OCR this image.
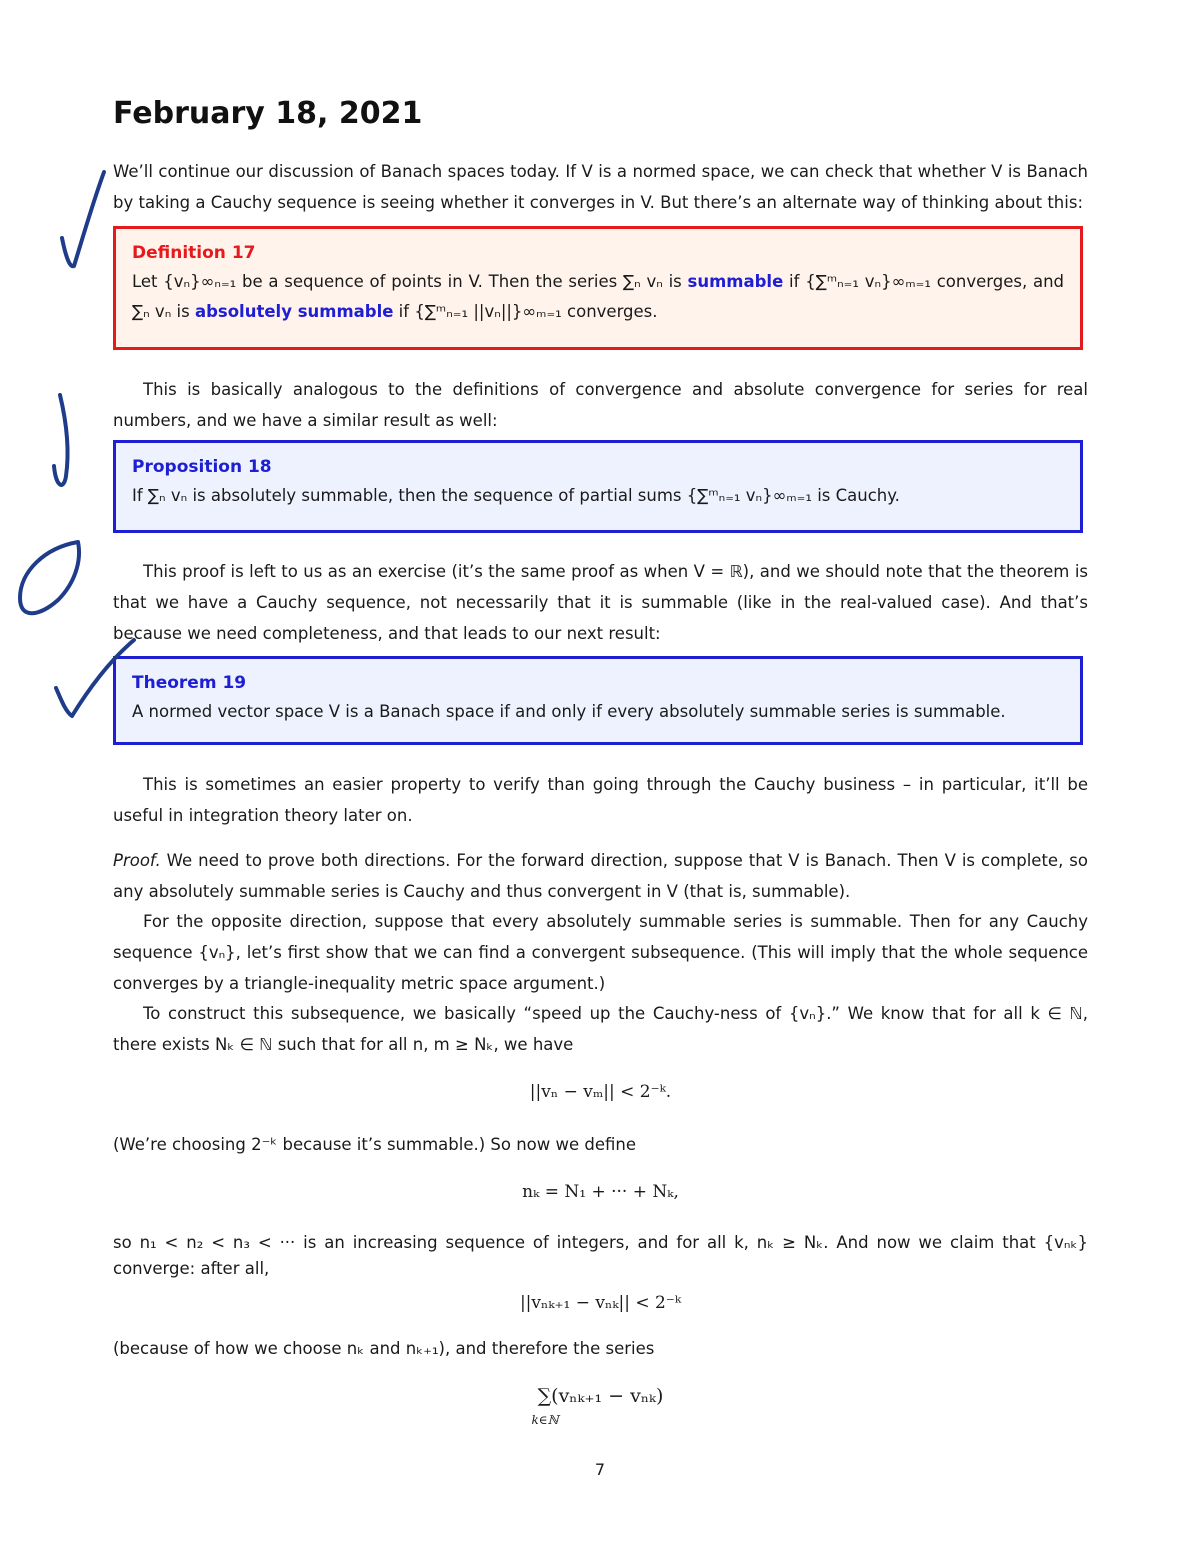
February 18, 2021

We’ll continue our discussion of Banach spaces today. If V is a normed space, we can check that whether V is Banach by taking a Cauchy sequence is seeing whether it converges in V. But there’s an alternate way of thinking about this:

Definition 17
Let {vₙ}∞ₙ₌₁ be a sequence of points in V. Then the series ∑ₙ vₙ is summable if {∑ᵐₙ₌₁ vₙ}∞ₘ₌₁ converges, and ∑ₙ vₙ is absolutely summable if {∑ᵐₙ₌₁ ||vₙ||}∞ₘ₌₁ converges.

This is basically analogous to the definitions of convergence and absolute convergence for series for real numbers, and we have a similar result as well:

Proposition 18
If ∑ₙ vₙ is absolutely summable, then the sequence of partial sums {∑ᵐₙ₌₁ vₙ}∞ₘ₌₁ is Cauchy.

This proof is left to us as an exercise (it’s the same proof as when V = ℝ), and we should note that the theorem is that we have a Cauchy sequence, not necessarily that it is summable (like in the real-valued case). And that’s because we need completeness, and that leads to our next result:

Theorem 19
A normed vector space V is a Banach space if and only if every absolutely summable series is summable.

This is sometimes an easier property to verify than going through the Cauchy business – in particular, it’ll be useful in integration theory later on.

Proof. We need to prove both directions. For the forward direction, suppose that V is Banach. Then V is complete, so any absolutely summable series is Cauchy and thus convergent in V (that is, summable).

For the opposite direction, suppose that every absolutely summable series is summable. Then for any Cauchy sequence {vₙ}, let’s first show that we can find a convergent subsequence. (This will imply that the whole sequence converges by a triangle-inequality metric space argument.)

To construct this subsequence, we basically “speed up the Cauchy-ness of {vₙ}.” We know that for all k ∈ ℕ, there exists Nₖ ∈ ℕ such that for all n, m ≥ Nₖ, we have

||vₙ − vₘ|| < 2⁻ᵏ.

(We’re choosing 2⁻ᵏ because it’s summable.) So now we define

nₖ = N₁ + ··· + Nₖ,

so n₁ < n₂ < n₃ < ··· is an increasing sequence of integers, and for all k, nₖ ≥ Nₖ. And now we claim that {vₙₖ} converge: after all,

||vₙₖ₊₁ − vₙₖ|| < 2⁻ᵏ

(because of how we choose nₖ and nₖ₊₁), and therefore the series

∑(vₙₖ₊₁ − vₙₖ)
k∈ℕ
7
